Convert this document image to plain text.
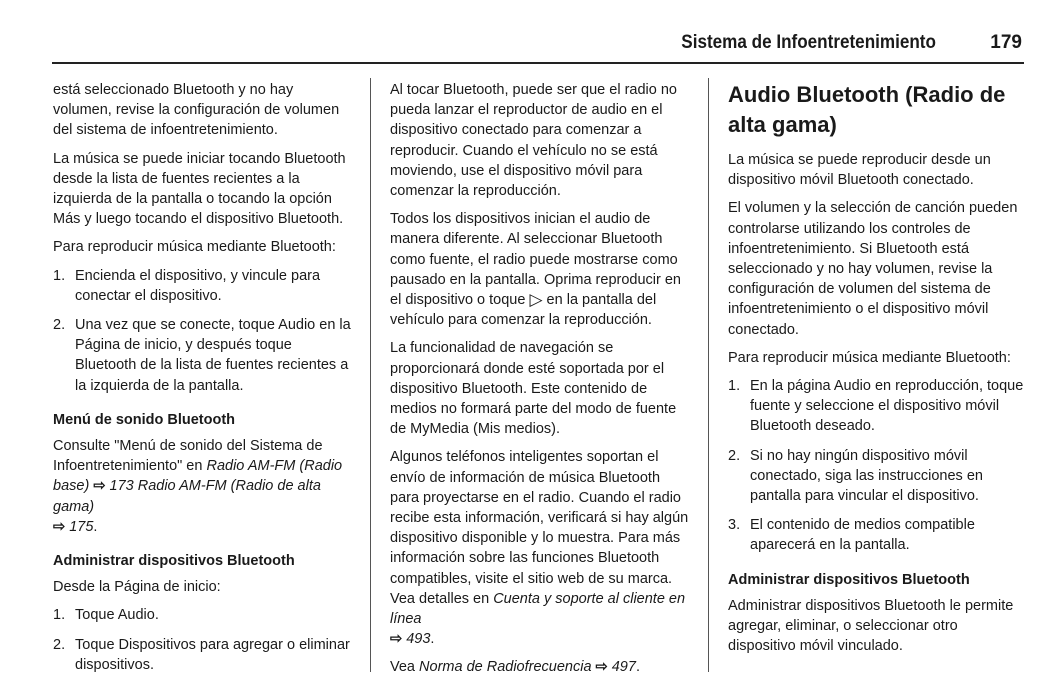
Sistema de Infoentretenimiento	179

está seleccionado Bluetooth y no hay volumen, revise la configuración de volumen del sistema de infoentretenimiento.

La música se puede iniciar tocando Bluetooth desde la lista de fuentes recientes a la izquierda de la pantalla o tocando la opción Más y luego tocando el dispositivo Bluetooth.

Para reproducir música mediante Bluetooth:

1. Encienda el dispositivo, y vincule para conectar el dispositivo.
2. Una vez que se conecte, toque Audio en la Página de inicio, y después toque Bluetooth de la lista de fuentes recientes a la izquierda de la pantalla.

Menú de sonido Bluetooth

Consulte "Menú de sonido del Sistema de Infoentretenimiento" en Radio AM-FM (Radio base) ⇨ 173 Radio AM-FM (Radio de alta gama)
⇨ 175.

Administrar dispositivos Bluetooth

Desde la Página de inicio:

1. Toque Audio.
2. Toque Dispositivos para agregar o eliminar dispositivos.

Al tocar Bluetooth, puede ser que el radio no pueda lanzar el reproductor de audio en el dispositivo conectado para comenzar a reproducir. Cuando el vehículo no se está moviendo, use el dispositivo móvil para comenzar la reproducción.

Todos los dispositivos inician el audio de manera diferente. Al seleccionar Bluetooth como fuente, el radio puede mostrarse como pausado en la pantalla. Oprima reproducir en el dispositivo o toque ▷ en la pantalla del vehículo para comenzar la reproducción.

La funcionalidad de navegación se proporcionará donde esté soportada por el dispositivo Bluetooth. Este contenido de medios no formará parte del modo de fuente de MyMedia (Mis medios).

Algunos teléfonos inteligentes soportan el envío de información de música Bluetooth para proyectarse en el radio. Cuando el radio recibe esta información, verificará si hay algún dispositivo disponible y lo muestra. Para más información sobre las funciones Bluetooth compatibles, visite el sitio web de su marca. Vea detalles en Cuenta y soporte al cliente en línea
⇨ 493.

Vea Norma de Radiofrecuencia ⇨ 497.

Audio Bluetooth (Radio de alta gama)

La música se puede reproducir desde un dispositivo móvil Bluetooth conectado.

El volumen y la selección de canción pueden controlarse utilizando los controles de infoentretenimiento. Si Bluetooth está seleccionado y no hay volumen, revise la configuración de volumen del sistema de infoentretenimiento o el dispositivo móvil conectado.

Para reproducir música mediante Bluetooth:

1. En la página Audio en reproducción, toque fuente y seleccione el dispositivo móvil Bluetooth deseado.
2. Si no hay ningún dispositivo móvil conectado, siga las instrucciones en pantalla para vincular el dispositivo.
3. El contenido de medios compatible aparecerá en la pantalla.

Administrar dispositivos Bluetooth

Administrar dispositivos Bluetooth le permite agregar, eliminar, o seleccionar otro dispositivo móvil vinculado.
